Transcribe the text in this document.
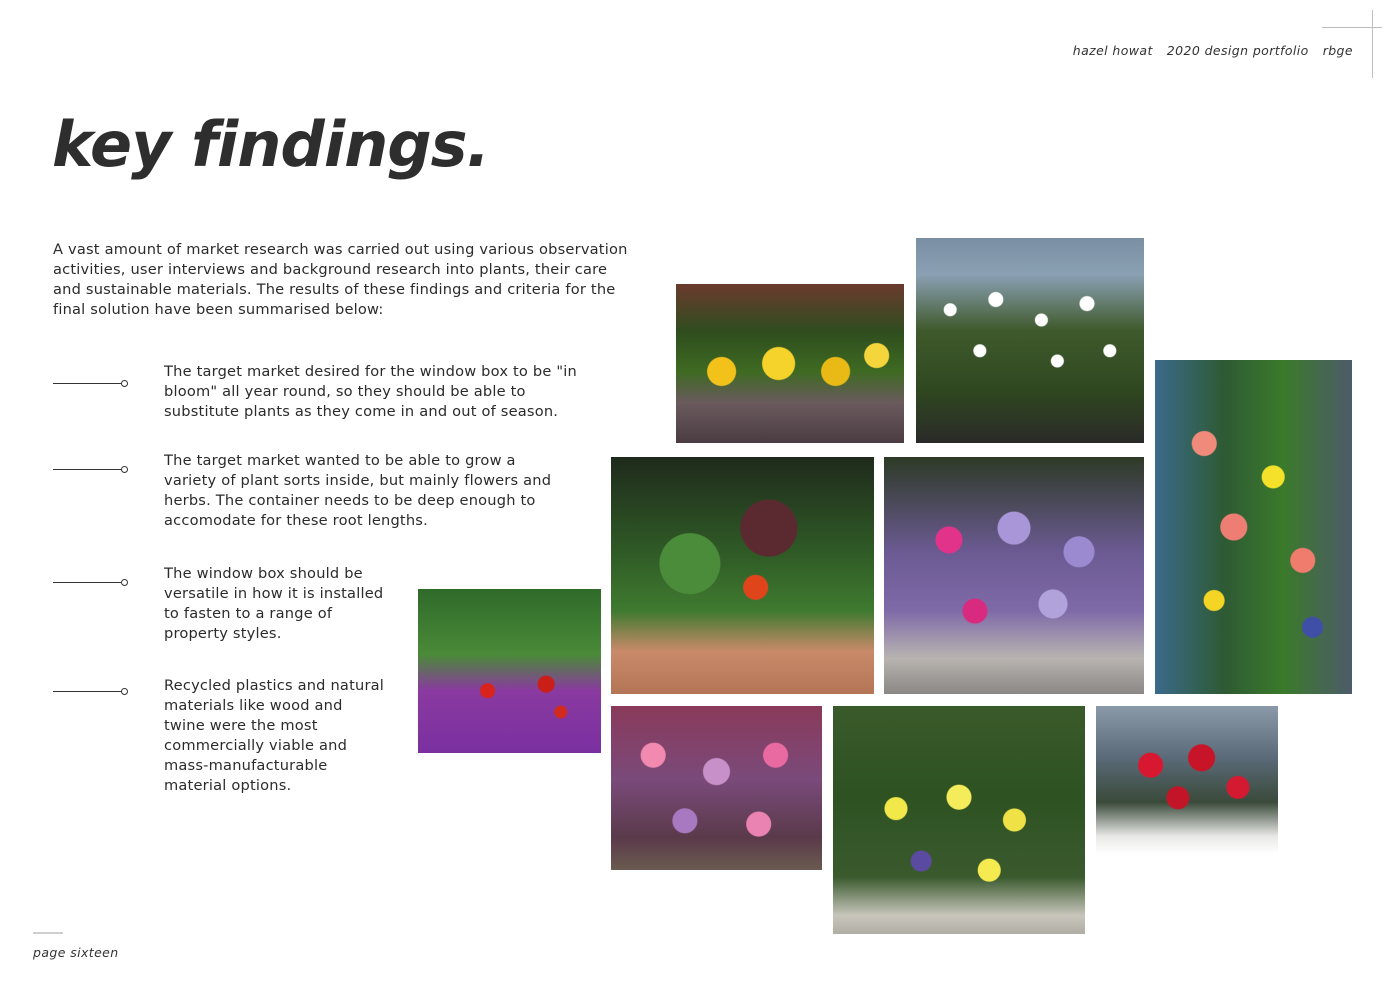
hazel howat 2020 design portfolio rbge
key findings.

A vast amount of market research was carried out using various observation activities, user interviews and background research into plants, their care and sustainable materials. The results of these findings and criteria for the final solution have been summarised below:

The target market desired for the window box to be "in bloom" all year round, so they should be able to substitute plants as they come in and out of season.

The target market wanted to be able to grow a variety of plant sorts inside, but mainly flowers and herbs. The container needs to be deep enough to accomodate for these root lengths.

The window box should be versatile in how it is installed to fasten to a range of property styles.

Recycled plastics and natural materials like wood and twine were the most commercially viable and mass-manufacturable material options.

page sixteen
